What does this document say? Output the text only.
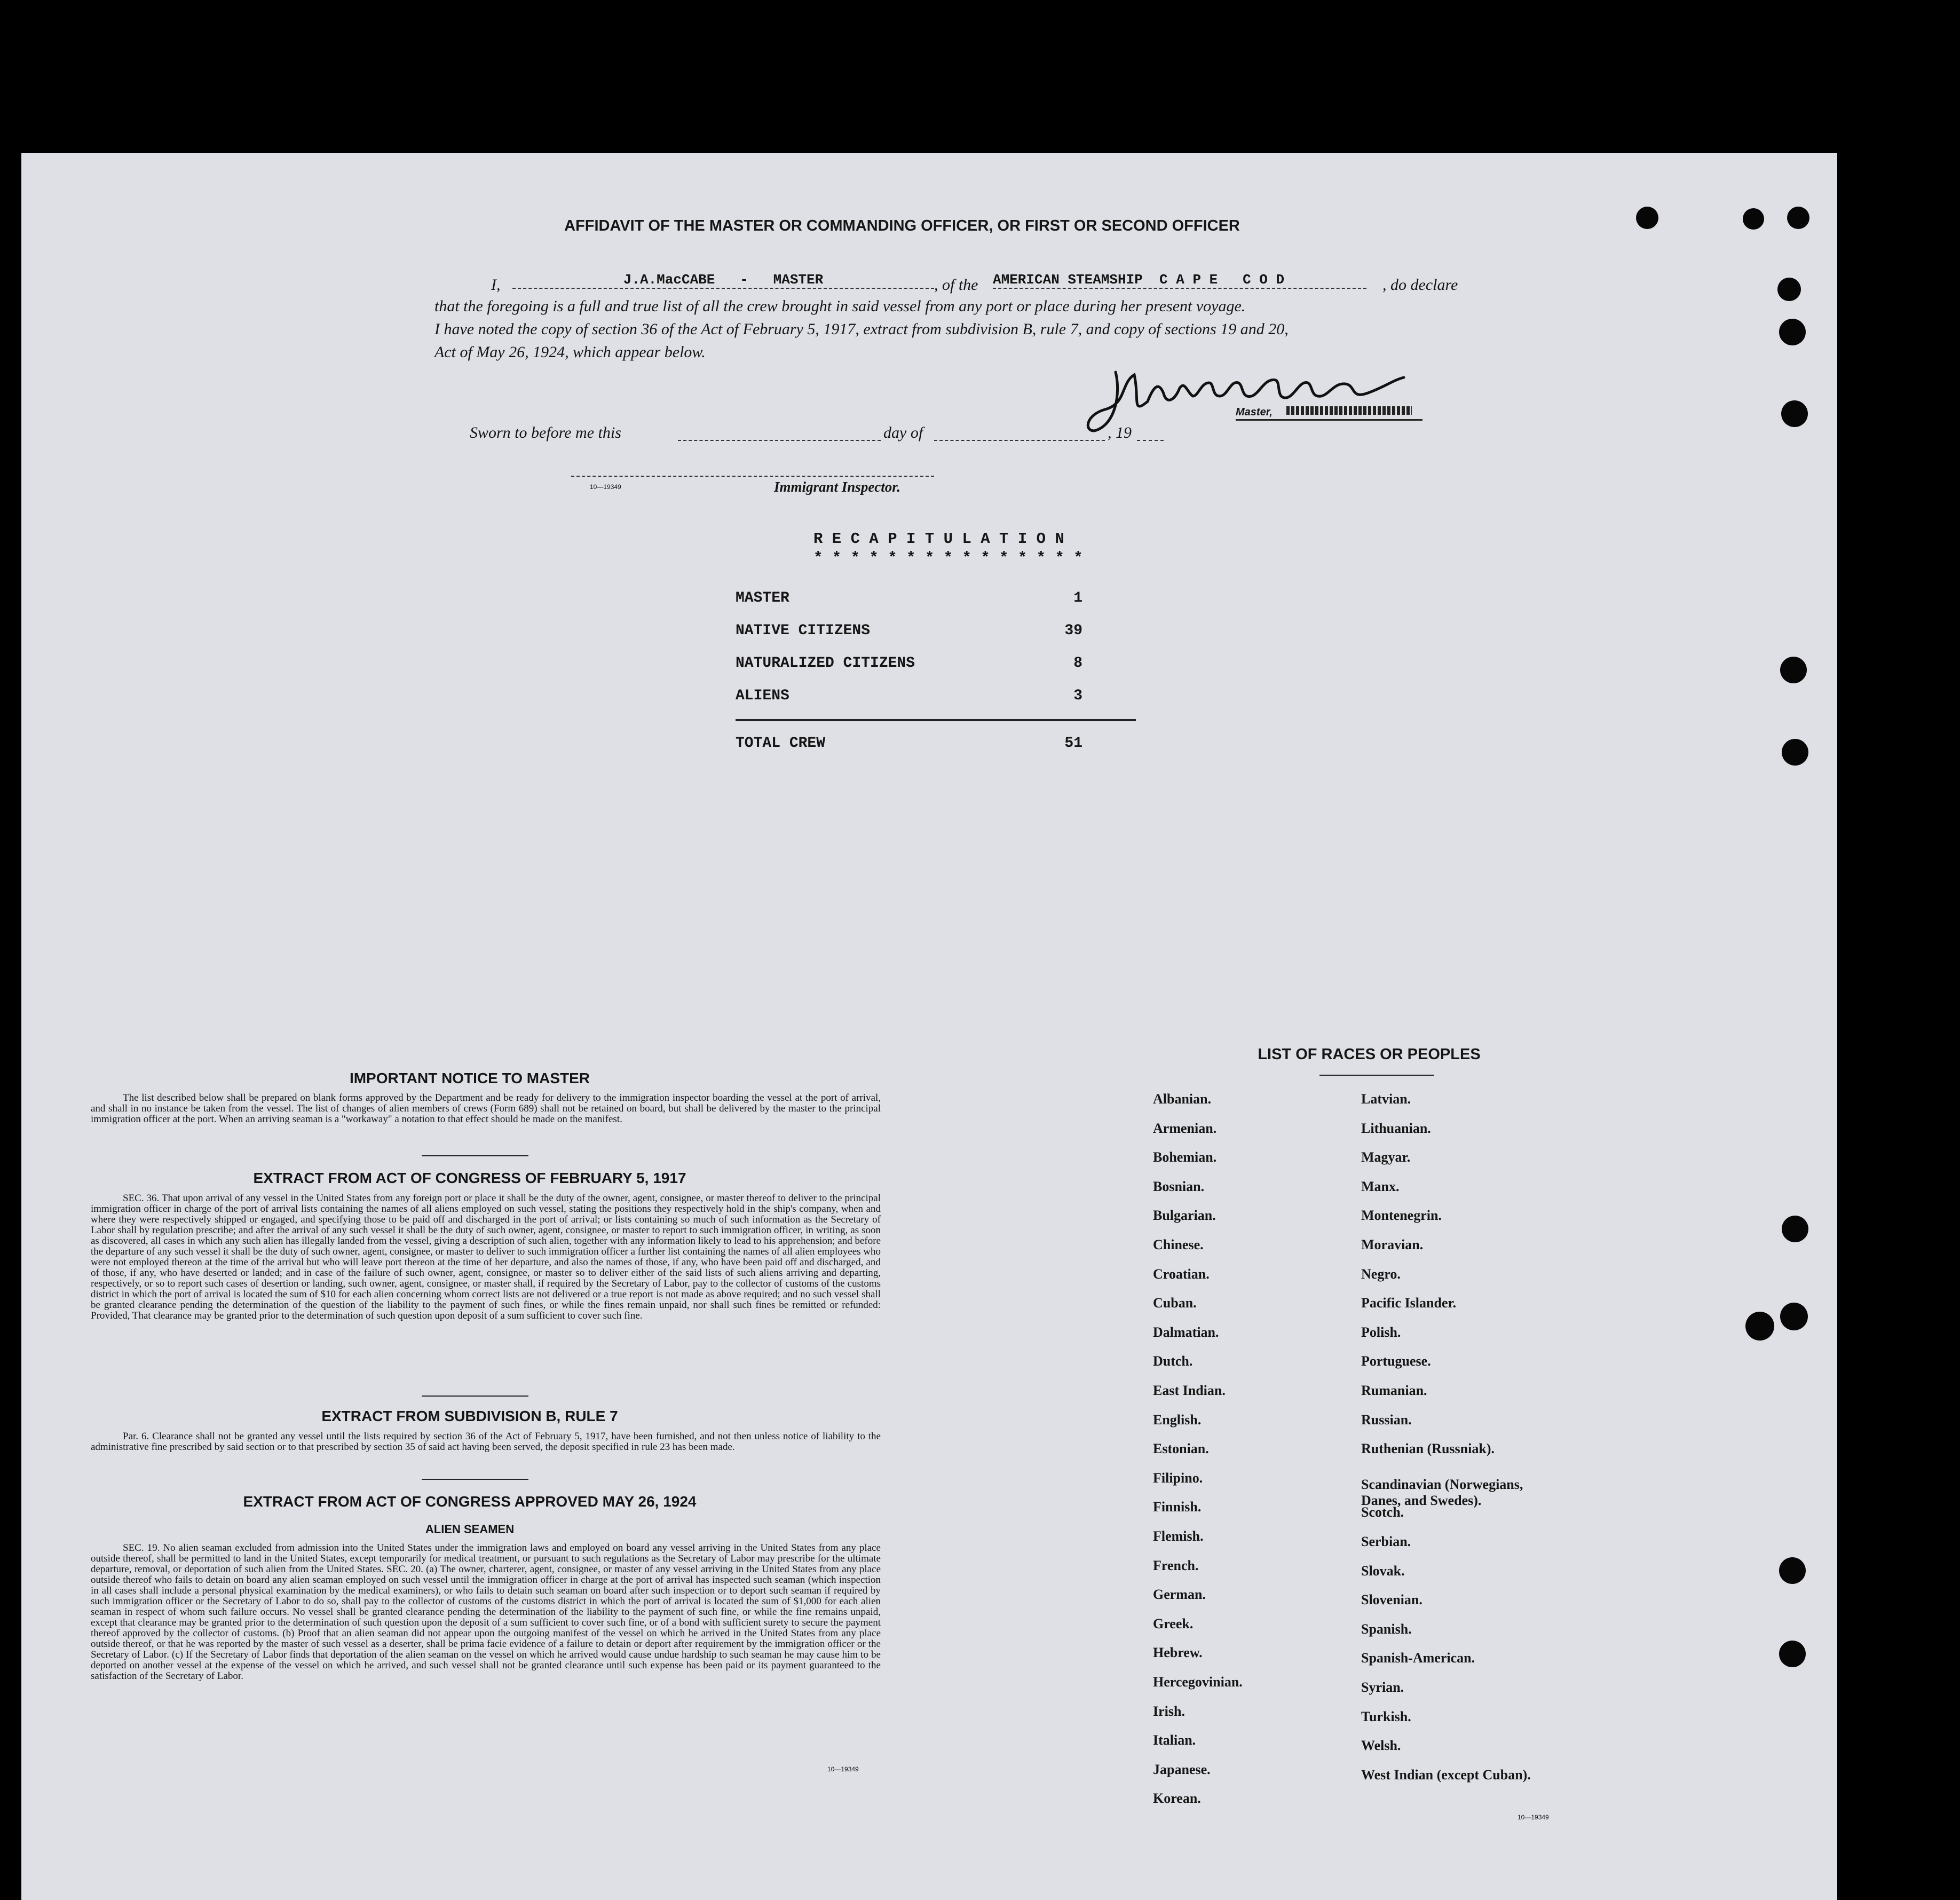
AFFIDAVIT OF THE MASTER OR COMMANDING OFFICER, OR FIRST OR SECOND OFFICER
I,	J.A.MacCABE   -   MASTER	, of the AMERICAN STEAMSHIP  C A P E   C O D	, do declare
that the foregoing is a full and true list of all the crew brought in said vessel from any port or place during her present voyage.
I have noted the copy of section 36 of the Act of February 5, 1917, extract from subdivision B, rule 7, and copy of sections 19 and 20,
Act of May 26, 1924, which appear below.
Master,
Sworn to before me this	day of	, 19
10—19349	Immigrant Inspector.
R E C A P I T U L A T I O N
* * * * * * * * * * * * * * *
MASTER	1
NATIVE CITIZENS	39
NATURALIZED CITIZENS	8
ALIENS	3
TOTAL CREW	51
IMPORTANT NOTICE TO MASTER
The list described below shall be prepared on blank forms approved by the Department and be ready for delivery to the immigration inspector boarding the vessel at the port of arrival, and shall in no instance be taken from the vessel. The list of changes of alien members of crews (Form 689) shall not be retained on board, but shall be delivered by the master to the principal immigration officer at the port. When an arriving seaman is a "workaway" a notation to that effect should be made on the manifest.
EXTRACT FROM ACT OF CONGRESS OF FEBRUARY 5, 1917
SEC. 36. That upon arrival of any vessel in the United States from any foreign port or place it shall be the duty of the owner, agent, consignee, or master thereof to deliver to the principal immigration officer in charge of the port of arrival lists containing the names of all aliens employed on such vessel, stating the positions they respectively hold in the ship's company, when and where they were respectively shipped or engaged, and specifying those to be paid off and discharged in the port of arrival; or lists containing so much of such information as the Secretary of Labor shall by regulation prescribe; and after the arrival of any such vessel it shall be the duty of such owner, agent, consignee, or master to report to such immigration officer, in writing, as soon as discovered, all cases in which any such alien has illegally landed from the vessel, giving a description of such alien, together with any information likely to lead to his apprehension; and before the departure of any such vessel it shall be the duty of such owner, agent, consignee, or master to deliver to such immigration officer a further list containing the names of all alien employees who were not employed thereon at the time of the arrival but who will leave port thereon at the time of her departure, and also the names of those, if any, who have been paid off and discharged, and of those, if any, who have deserted or landed; and in case of the failure of such owner, agent, consignee, or master so to deliver either of the said lists of such aliens arriving and departing, respectively, or so to report such cases of desertion or landing, such owner, agent, consignee, or master shall, if required by the Secretary of Labor, pay to the collector of customs of the customs district in which the port of arrival is located the sum of $10 for each alien concerning whom correct lists are not delivered or a true report is not made as above required; and no such vessel shall be granted clearance pending the determination of the question of the liability to the payment of such fines, or while the fines remain unpaid, nor shall such fines be remitted or refunded: Provided, That clearance may be granted prior to the determination of such question upon deposit of a sum sufficient to cover such fine.
EXTRACT FROM SUBDIVISION B, RULE 7
Par. 6. Clearance shall not be granted any vessel until the lists required by section 36 of the Act of February 5, 1917, have been furnished, and not then unless notice of liability to the administrative fine prescribed by said section or to that prescribed by section 35 of said act having been served, the deposit specified in rule 23 has been made.
EXTRACT FROM ACT OF CONGRESS APPROVED MAY 26, 1924
ALIEN SEAMEN
SEC. 19. No alien seaman excluded from admission into the United States under the immigration laws and employed on board any vessel arriving in the United States from any place outside thereof, shall be permitted to land in the United States, except temporarily for medical treatment, or pursuant to such regulations as the Secretary of Labor may prescribe for the ultimate departure, removal, or deportation of such alien from the United States. SEC. 20. (a) The owner, charterer, agent, consignee, or master of any vessel arriving in the United States from any place outside thereof who fails to detain on board any alien seaman employed on such vessel until the immigration officer in charge at the port of arrival has inspected such seaman (which inspection in all cases shall include a personal physical examination by the medical examiners), or who fails to detain such seaman on board after such inspection or to deport such seaman if required by such immigration officer or the Secretary of Labor to do so, shall pay to the collector of customs of the customs district in which the port of arrival is located the sum of $1,000 for each alien seaman in respect of whom such failure occurs. No vessel shall be granted clearance pending the determination of the liability to the payment of such fine, or while the fine remains unpaid, except that clearance may be granted prior to the determination of such question upon the deposit of a sum sufficient to cover such fine, or of a bond with sufficient surety to secure the payment thereof approved by the collector of customs. (b) Proof that an alien seaman did not appear upon the outgoing manifest of the vessel on which he arrived in the United States from any place outside thereof, or that he was reported by the master of such vessel as a deserter, shall be prima facie evidence of a failure to detain or deport after requirement by the immigration officer or the Secretary of Labor. (c) If the Secretary of Labor finds that deportation of the alien seaman on the vessel on which he arrived would cause undue hardship to such seaman he may cause him to be deported on another vessel at the expense of the vessel on which he arrived, and such vessel shall not be granted clearance until such expense has been paid or its payment guaranteed to the satisfaction of the Secretary of Labor.
10—19349
LIST OF RACES OR PEOPLES
10—19349
Albanian.
Armenian.
Bohemian.
Bosnian.
Bulgarian.
Chinese.
Croatian.
Cuban.
Dalmatian.
Dutch.
East Indian.
English.
Estonian.
Filipino.
Finnish.
Flemish.
French.
German.
Greek.
Hebrew.
Hercegovinian.
Irish.
Italian.
Japanese.
Korean.
Latvian.
Lithuanian.
Magyar.
Manx.
Montenegrin.
Moravian.
Negro.
Pacific Islander.
Polish.
Portuguese.
Rumanian.
Russian.
Ruthenian (Russniak).
Scandinavian (Norwegians,
Danes, and Swedes).
Scotch.
Serbian.
Slovak.
Slovenian.
Spanish.
Spanish-American.
Syrian.
Turkish.
Welsh.
West Indian (except Cuban).
